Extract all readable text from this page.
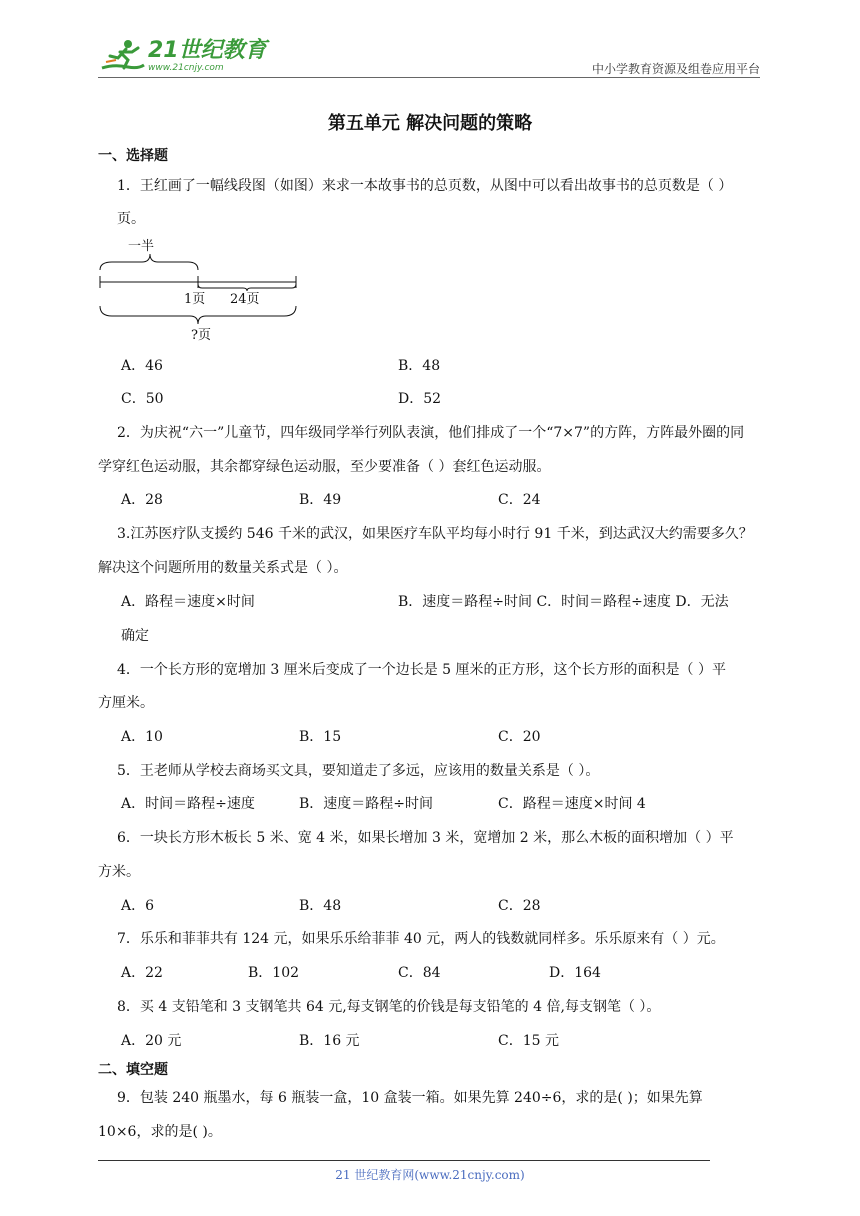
21世纪教育
www.21cnjy.com	中小学教育资源及组卷应用平台
第五单元 解决问题的策略
一、选择题
1．王红画了一幅线段图（如图）来求一本故事书的总页数，从图中可以看出故事书的总页数是（ ）
页。
一半
1页 24页
?页
A．46	B．48
C．50	D．52
2．为庆祝“六一”儿童节，四年级同学举行列队表演，他们排成了一个“7×7”的方阵，方阵最外圈的同
学穿红色运动服，其余都穿绿色运动服，至少要准备（ ）套红色运动服。
A．28	B．49	C．24
3.江苏医疗队支援约 546 千米的武汉，如果医疗车队平均每小时行 91 千米，到达武汉大约需要多久？
解决这个问题所用的数量关系式是（ ）。
A．路程＝速度×时间	B．速度＝路程÷时间 C．时间＝路程÷速度 D．无法
确定
4．一个长方形的宽增加 3 厘米后变成了一个边长是 5 厘米的正方形，这个长方形的面积是（ ）平
方厘米。
A．10	B．15	C．20
5．王老师从学校去商场买文具，要知道走了多远，应该用的数量关系是（ ）。
A．时间＝路程÷速度	B．速度＝路程÷时间	C．路程＝速度×时间 4
6．一块长方形木板长 5 米、宽 4 米，如果长增加 3 米，宽增加 2 米，那么木板的面积增加（ ）平
方米。
A．6	B．48	C．28
7．乐乐和菲菲共有 124 元，如果乐乐给菲菲 40 元，两人的钱数就同样多。乐乐原来有（ ）元。
A．22	B．102	C．84	D．164
8．买 4 支铅笔和 3 支钢笔共 64 元,每支钢笔的价钱是每支铅笔的 4 倍,每支钢笔（ ）。
A．20 元	B．16 元	C．15 元
二、填空题
9．包装 240 瓶墨水，每 6 瓶装一盒，10 盒装一箱。如果先算 240÷6，求的是( )；如果先算
10×6，求的是( )。
21 世纪教育网(www.21cnjy.com)
